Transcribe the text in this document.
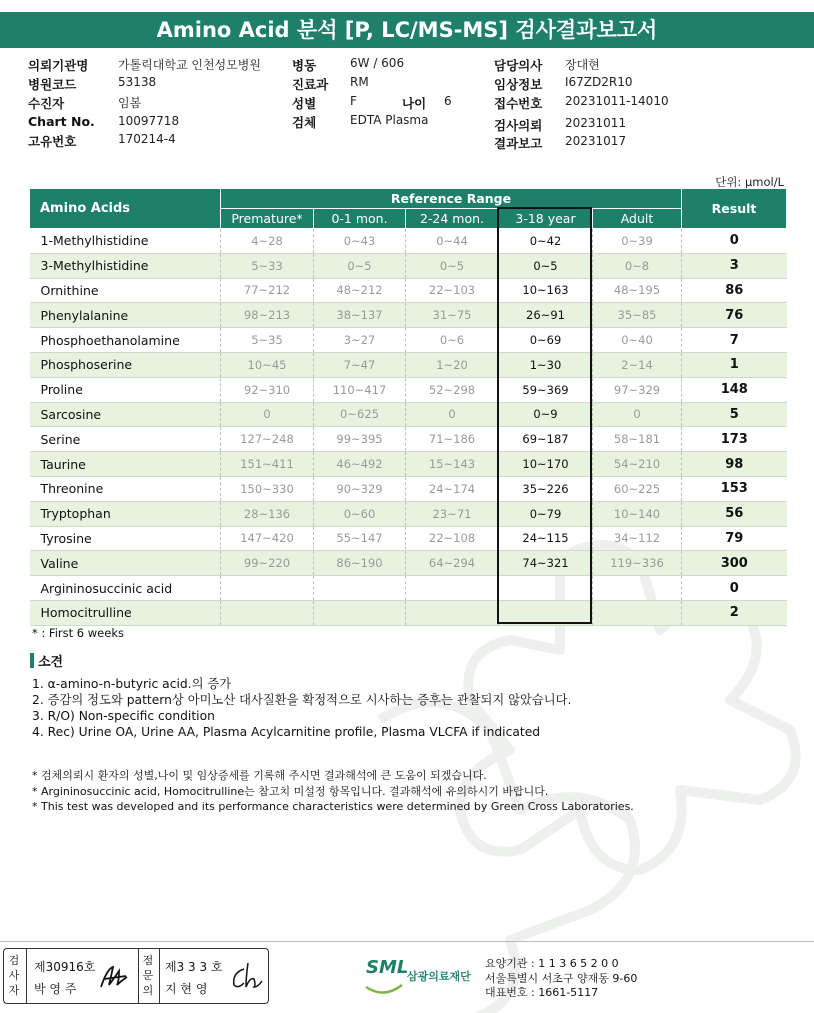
Amino Acid 분석 [P, LC/MS-MS] 검사결과보고서
의뢰기관명 가톨릭대학교 인천성모병원
병원코드	53138
수진자	임봄
Chart No. 10097718
고유번호	170214-4
병동	6W / 606
진료과 RM
성별	F
검체	EDTA Plasma
나이 6
담당의사 장대현
임상정보 I67ZD2R10
접수번호 20231011-14010
검사의뢰 20231011
결과보고 20231017
단위: μmol/L
Amino Acids	Reference Range					Result
	Premature*	0-1 mon.	2-24 mon.	3-18 year	Adult	
1-Methylhistidine	4~28	0~43	0~44	0~42	0~39	0
3-Methylhistidine	5~33	0~5	0~5	0~5	0~8	3
Ornithine	77~212	48~212	22~103	10~163	48~195	86
Phenylalanine	98~213	38~137	31~75	26~91	35~85	76
Phosphoethanolamine	5~35	3~27	0~6	0~69	0~40	7
Phosphoserine	10~45	7~47	1~20	1~30	2~14	1
Proline	92~310	110~417	52~298	59~369	97~329	148
Sarcosine	0	0~625	0	0~9	0	5
Serine	127~248	99~395	71~186	69~187	58~181	173
Taurine	151~411	46~492	15~143	10~170	54~210	98
Threonine	150~330	90~329	24~174	35~226	60~225	153
Tryptophan	28~136	0~60	23~71	0~79	10~140	56
Tyrosine	147~420	55~147	22~108	24~115	34~112	79
Valine	99~220	86~190	64~294	74~321	119~336	300
Argininosuccinic acid						0
Homocitrulline						2
* : First 6 weeks
소견
1. α-amino-n-butyric acid.의 증가
2. 증감의 정도와 pattern상 아미노산 대사질환을 확정적으로 시사하는 증후는 관찰되지 않았습니다.
3. R/O) Non-specific condition
4. Rec) Urine OA, Urine AA, Plasma Acylcarnitine profile, Plasma VLCFA if indicated
* 검체의뢰시 환자의 성별,나이 및 임상증세를 기록해 주시면 결과해석에 큰 도움이 되겠습니다.
* Argininosuccinic acid, Homocitrulline는 참고치 미설정 항목입니다. 결과해석에 유의하시기 바랍니다.
* This test was developed and its performance characteristics were determined by Green Cross Laboratories.
검
사
자
제30916호
박 영 주
점
문
의
제3 3 3 호
지 현 영
SML
삼광의료재단
요양기관 : 1 1 3 6 5 2 0 0
서울특별시 서초구 양재동 9-60
대표번호 : 1661-5117
